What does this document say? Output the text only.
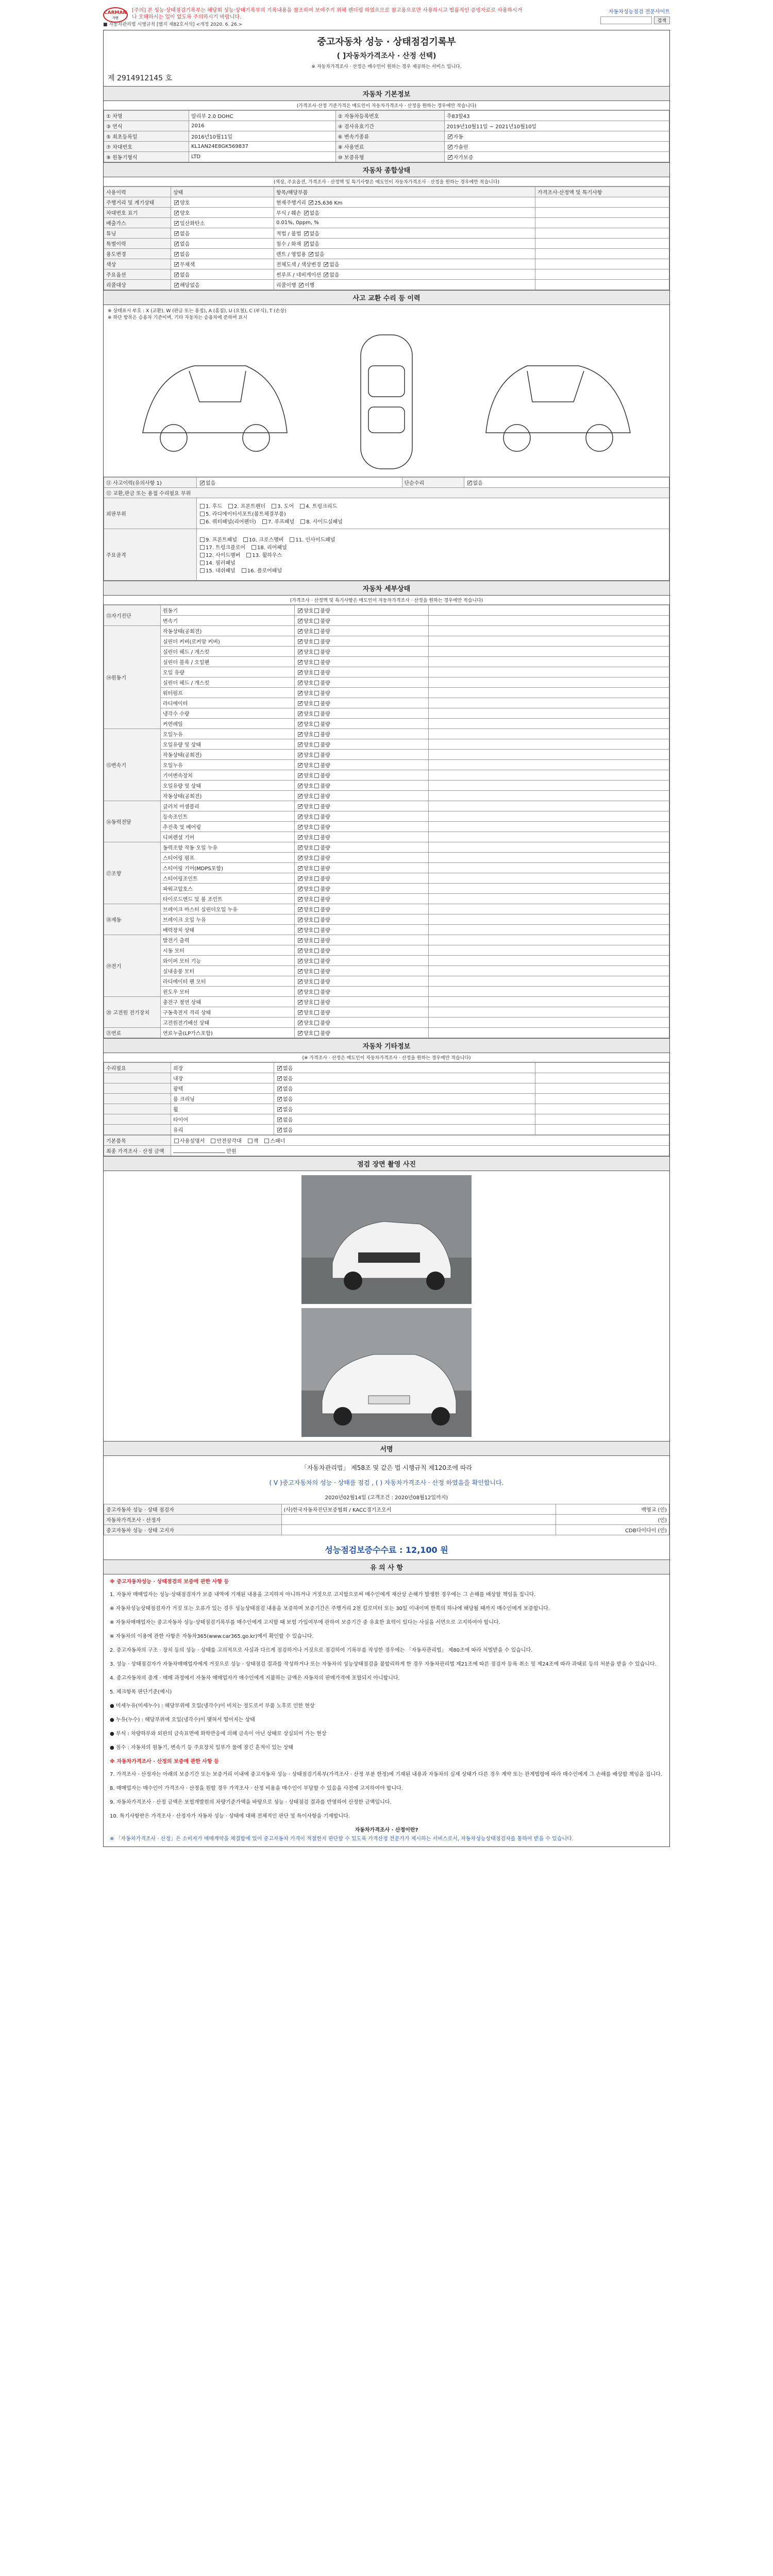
CARMAN
카맨
[주의] 본 성능·상태점검기록부는 해당회 성능·상태기록부의 기록내용을 참조하여 보여주기 위해 렌더링 하였으므로 참고용으로만 사용하시고 법률적인 증빙자료로 사용하시거나 오해하시는 일이 없도록 주의하시기 바랍니다.
자동차성능점검 전문사이트
검색
■ 자동차관리법 시행규칙 [별지 제82호서식] <개정 2020. 6. 26.>
중고자동차 성능 · 상태점검기록부
( ]자동차가격조사 · 산정 선택)
※ 자동차가격조사 · 산정은 매수인이 원하는 경우 제공하는 서비스 입니다.
제 2914912145 호
자동차 기본정보
(가격조사·산정 기준가격은 매도인이 자동차가격조사 · 산정을 원하는 경우에만 적습니다)
① 차명	말리부 2.0 DOHC	② 자동차등록번호	추83할43
③ 연식	2016	④ 검사유효기간	2019년10월11일 ~ 2021년10월10일
⑤ 최초등록일	2016년10월11일	⑥ 변속기종류	✓자동
⑦ 차대번호	KL1AN24E8GK569837	⑧ 사용연료	✓가솔린
⑨ 원동기형식	LTD	⑩ 보증유형	✓자가보증
자동차 종합상태
(색상, 주요옵션, 가격조사 · 산정액 및 특기사항은 매도인이 자동차가격조사 · 산정을 원하는 경우에만 적습니다)
사용이력	상태	항목/해당부품	가격조사·산정액 및 특기사항
주행거리 및 계기상태	✓양호	현재주행거리 ✓ 25,636 Km	
차대번호 표기	✓양호	부식 / 훼손 ✓ 없음	
배출가스	✓일산화탄소	0.01%, 0ppm, %	
튜닝	✓없음	적법 / 불법 ✓ 없음	
특별이력	✓없음	침수 / 화재 ✓ 없음	
용도변경	✓없음	렌트 / 영업용 ✓ 없음	
색상	✓무채색	전체도색 / 색상변경 ✓ 없음	
주요옵션	✓없음	썬루프 / 네비게이션 ✓ 없음	
리콜대상	✓해당없음	리콜이행 ✓ 이행	
사고 교환 수리 등 이력
※ 상태표시 부호 : X (교환), W (판금 또는 용접), A (흠집), U (요철), C (부식), T (손상)
※ 하단 항목은 승용차 기준이며, 기타 자동차는 승용차에 준하여 표시
⑪ 사고이력(유의사항 1)	✓없음	단순수리	✓없음
⑫ 교환,판금 또는 용접 수리필요 부위			
외판부위	1. 후드 2. 프론트펜더 3. 도어 4. 트렁크리드
5. 라디에이터서포트(볼트체결부품)
6. 쿼터패널(리어펜더) 7. 루프패널 8. 사이드실패널		

주요골격	9. 프론트패널 10. 크로스멤버 11. 인사이드패널
17. 트렁크플로어 18. 리어패널
12. 사이드멤버 13. 휠하우스
14. 필러패널
15. 대쉬패널 16. 플로어패널		

자동차 세부상태
(가격조사 · 산정액 및 특기사항은 매도인이 자동차가격조사 · 산정을 원하는 경우에만 적습니다)
⑬자기진단	원동기	✓양호 불량	
	변속기	✓양호 불량	
⑭원동기	작동상태(공회전)	✓양호 불량	
	실린더 커버(로커암 커버)	✓양호 불량	
	실린더 헤드 / 개스킷	✓양호 불량	
	실린더 블록 / 오일팬	✓양호 불량	
	오일 유량	✓양호 불량	
	실린더 헤드 / 개스킷	✓양호 불량	
	워터펌프	✓양호 불량	
	라디에이터	✓양호 불량	
	냉각수 수량	✓양호 불량	
	커먼레일	✓양호 불량	
⑮변속기	오일누유	✓양호 불량	
	오일유량 및 상태	✓양호 불량	
	작동상태(공회전)	✓양호 불량	
	오일누유	✓양호 불량	
	기어변속장치	✓양호 불량	
	오일유량 및 상태	✓양호 불량	
	작동상태(공회전)	✓양호 불량	
⑯동력전달	클러치 어셈블리	✓양호 불량	
	등속조인트	✓양호 불량	
	추진축 및 베어링	✓양호 불량	
	디퍼렌셜 기어	✓양호 불량	
⑰조향	동력조향 작동 오일 누유	✓양호 불량	
	스티어링 펌프	✓양호 불량	
	스티어링 기어(MDPS포함)	✓양호 불량	
	스티어링조인트	✓양호 불량	
	파워고압호스	✓양호 불량	
	타이로드엔드 및 볼 조인트	✓양호 불량	
⑱제동	브레이크 마스터 실린더오일 누유	✓양호 불량	
	브레이크 오일 누유	✓양호 불량	
	배력장치 상태	✓양호 불량	
⑲전기	발전기 출력	✓양호 불량	
	시동 모터	✓양호 불량	
	와이퍼 모터 기능	✓양호 불량	
	실내송풍 모터	✓양호 불량	
	라디에이터 팬 모터	✓양호 불량	
	윈도우 모터	✓양호 불량	
⑳ 고전원 전기장치	충전구 절연 상태	✓양호 불량	
	구동축전지 격리 상태	✓양호 불량	
	고전원전기배선 상태	✓양호 불량	
㉑연료	연료누출(LP가스포함)	✓양호 불량	
자동차 기타정보
(※ 가격조사 · 산정은 매도인이 자동차가격조사 · 산정을 원하는 경우에만 적습니다)
수리필요	외장	✓없음	
	내장	✓없음	
	광택	✓없음	
	룸 크리닝	✓없음	
	휠	✓없음	
	타이어	✓없음	
	유리	✓없음	
기본품목	사용설명서 안전삼각대 잭 스패너
최종 가격조사 · 산정 금액	만원
점검 장면 촬영 사진
서명
「자동차관리법」 제58조 및 같은 법 시행규칙 제120조에 따라
( V )중고자동차의 성능 · 상태를 점검 , ( ) 자동차가격조사 · 산정 하였음을 확인합니다.
2020년02월14일 (고객조건 : 2020년08월12일까지)
중고자동차 성능 · 상태 점검자	(사)한국자동차진단보증협회 / KACC경기조오서	백영교 (인)
자동차가격조사 · 산정자		(인)
중고자동차 성능 · 상태 고지자		CDB다이다이 (인)
성능점검보증수수료 : 12,100 원
유 의 사 항
※ 중고자동차성능 · 상태점검의 보증에 관한 사항 등

1. 자동차 매매업자는 성능·상태점검자가 보증 내역에 기재된 내용을 고지하지 아니하거나 거짓으로 고지함으로써 매수인에게 재산상 손해가 발생한 경우에는 그 손해를 배상할 책임을 집니다.

※ 자동차성능상태점검자가 거짓 또는 오류가 있는 경우 성능상태점검 내용을 보증하며 보증기간은 주행거리 2천 킬로미터 또는 30일 이내이며 한쪽의 하나에 해당될 때까지 매수인에게 보증합니다.

※ 자동차매매업자는 중고자동차 성능·상태점검기록부를 매수인에게 고지할 때 보험 가입여부에 관하여 보증기간 중 유효한 효력이 있다는 사실을 서면으로 고지하여야 합니다.

※ 자동차의 이용에 관한 사항은 자동차365(www.car365.go.kr)에서 확인할 수 있습니다.

2. 중고자동차의 구조 · 장치 등의 성능 · 상태를 고의적으로 사실과 다르게 점검하거나 거짓으로 점검하여 기록부를 작성한 경우에는 「자동차관리법」 제80조에 따라 처벌받을 수 있습니다.

3. 성능 · 상태점검자가 자동차매매업자에게 거짓으로 성능 · 상태점검 결과를 작성하거나 또는 자동차의 성능상태점검을 불합리하게 한 경우 자동차관리법 제21조에 따른 점검자 등록 취소 및 제24조에 따라 과태료 등의 처분을 받을 수 있습니다.

4. 중고자동차의 중개 · 매매 과정에서 자동차 매매업자가 매수인에게 지불하는 금액은 자동차의 판매가격에 포함되지 아니합니다.

5. 체크항목 판단기준(예시)

● 미세누유(미세누수) : 해당부위에 오일(냉각수)이 비치는 정도로서 부품 노후로 인한 현상

● 누유(누수) : 해당부위에 오일(냉각수)이 맺혀서 떨어지는 상태

● 부식 : 차량하부와 외판의 금속표면에 화학반응에 의해 금속이 아닌 상태로 상실되어 가는 현상

● 침수 : 자동차의 원동기, 변속기 등 주요장치 일부가 물에 잠긴 흔적이 있는 상태

※ 자동차가격조사 · 산정의 보증에 관한 사항 등

7. 가격조사 · 산정자는 아래의 보증기간 또는 보증거리 이내에 중고자동차 성능 · 상태점검기록부(가격조사 · 산정 부분 한정)에 기재된 내용과 자동차의 실제 상태가 다른 경우 계약 또는 관계법령에 따라 매수인에게 그 손해를 배상할 책임을 집니다.

8. 매매업자는 매수인이 가격조사 · 산정을 원할 경우 가격조사 · 산정 비용을 매수인이 부담할 수 있음을 사전에 고지하여야 합니다.

9. 자동차가격조사 · 산정 금액은 보험개발원의 차량기준가액을 바탕으로 성능 · 상태점검 결과를 반영하여 산정한 금액입니다.

10. 특기사항란은 가격조사 · 산정자가 자동차 성능 · 상태에 대해 전체적인 판단 및 특이사항을 기재합니다.

자동차가격조사 · 산정이란?
※ 「자동차가격조사 · 산정」은 소비자가 매매계약을 체결함에 있어 중고자동차 가격이 적절한지 판단할 수 있도록 가격산정 전문가가 제시하는 서비스로서, 자동차성능상태점검자를 통하여 받을 수 있습니다.
